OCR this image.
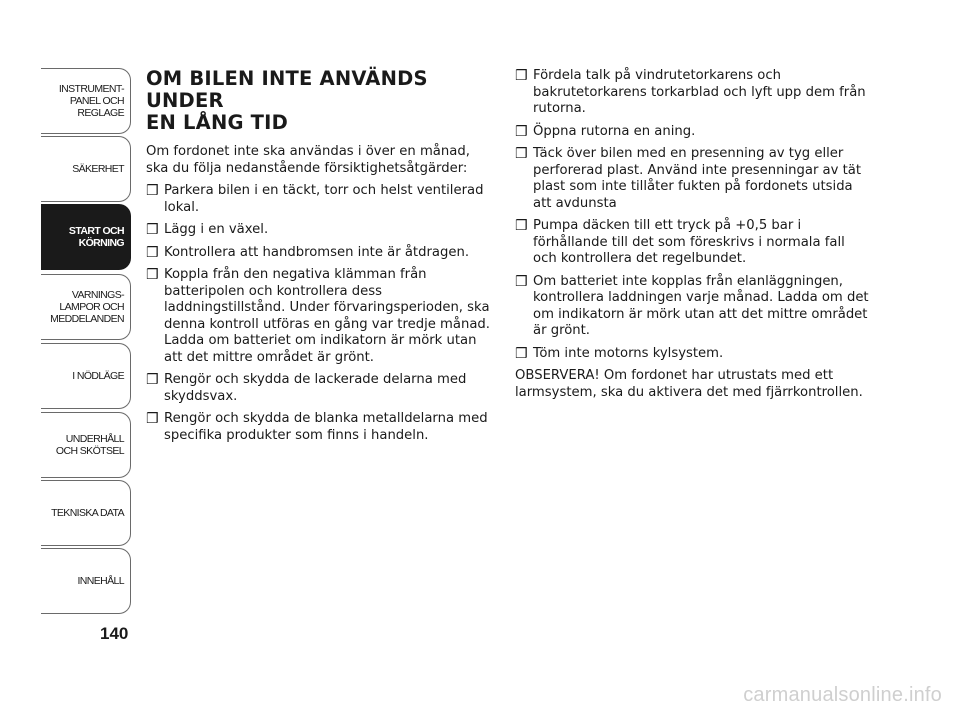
INSTRUMENT-
PANEL OCH
REGLAGE
SÄKERHET
START OCH
KÖRNING
VARNINGS-
LAMPOR OCH
MEDDELANDEN
I NÖDLÄGE
UNDERHÅLL
OCH SKÖTSEL
TEKNISKA DATA
INNEHÅLL
140
OM BILEN INTE ANVÄNDS UNDER
EN LÅNG TID

Om fordonet inte ska användas i över en månad, ska du följa nedanstående försiktighetsåtgärder:

❒ Parkera bilen i en täckt, torr och helst ventilerad lokal.
❒ Lägg i en växel.
❒ Kontrollera att handbromsen inte är åtdragen.
❒ Koppla från den negativa klämman från batteripolen och kontrollera dess laddningstillstånd. Under förvaringsperioden, ska denna kontroll utföras en gång var tredje månad. Ladda om batteriet om indikatorn är mörk utan att det mittre området är grönt.
❒ Rengör och skydda de lackerade delarna med skyddsvax.
❒ Rengör och skydda de blanka metalldelarna med specifika produkter som finns i handeln.
❒ Fördela talk på vindrutetorkarens och bakrutetorkarens torkarblad och lyft upp dem från rutorna.
❒ Öppna rutorna en aning.
❒ Täck över bilen med en presenning av tyg eller perforerad plast. Använd inte presenningar av tät plast som inte tillåter fukten på fordonets utsida att avdunsta
❒ Pumpa däcken till ett tryck på +0,5 bar i förhållande till det som föreskrivs i normala fall och kontrollera det regelbundet.
❒ Om batteriet inte kopplas från elanläggningen, kontrollera laddningen varje månad. Ladda om det om indikatorn är mörk utan att det mittre området är grönt.
❒ Töm inte motorns kylsystem.

OBSERVERA! Om fordonet har utrustats med ett larmsystem, ska du aktivera det med fjärrkontrollen.

carmanualsonline.info
